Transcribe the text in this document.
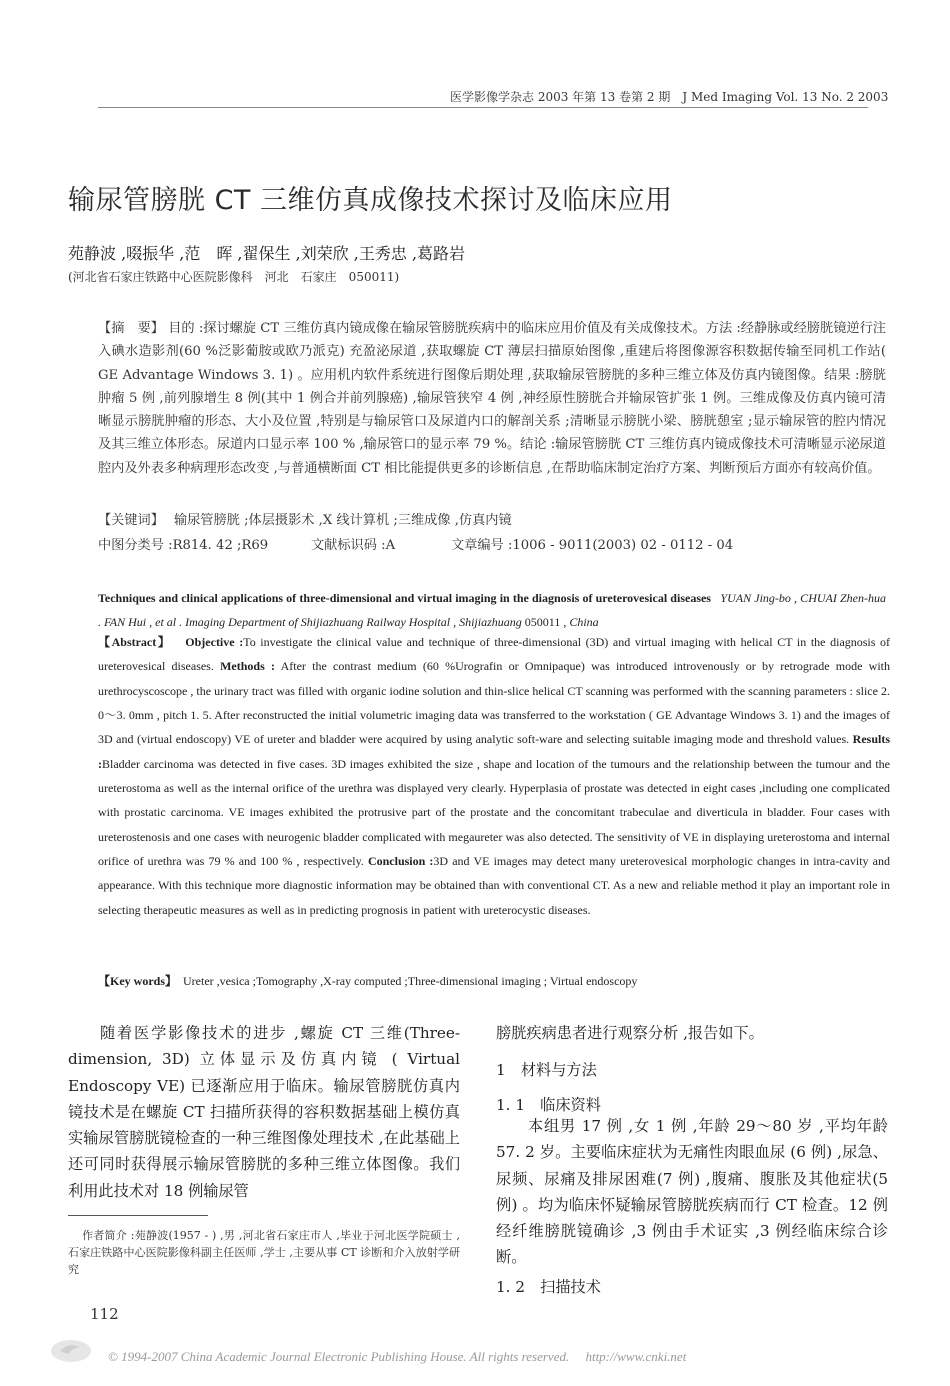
医学影像学杂志 2003 年第 13 卷第 2 期　J Med Imaging Vol. 13 No. 2 2003
输尿管膀胱 CT 三维仿真成像技术探讨及临床应用
苑静波 ,啜振华 ,范　晖 ,翟保生 ,刘荣欣 ,王秀忠 ,葛路岩
(河北省石家庄铁路中心医院影像科　河北　石家庄　050011)
【摘　要】 目的 :探讨螺旋 CT 三维仿真内镜成像在输尿管膀胱疾病中的临床应用价值及有关成像技术。方法 :经静脉或经膀胱镜逆行注入碘水造影剂(60 %泛影葡胺或欧乃派克) 充盈泌尿道 ,获取螺旋 CT 薄层扫描原始图像 ,重建后将图像源容积数据传输至同机工作站( GE Advantage Windows 3. 1) 。应用机内软件系统进行图像后期处理 ,获取输尿管膀胱的多种三维立体及仿真内镜图像。结果 :膀胱肿瘤 5 例 ,前列腺增生 8 例(其中 1 例合并前列腺癌) ,输尿管狭窄 4 例 ,神经原性膀胱合并输尿管扩张 1 例。三维成像及仿真内镜可清晰显示膀胱肿瘤的形态、大小及位置 ,特别是与输尿管口及尿道内口的解剖关系 ;清晰显示膀胱小梁、膀胱憩室 ;显示输尿管的腔内情况及其三维立体形态。尿道内口显示率 100 % ,输尿管口的显示率 79 %。结论 :输尿管膀胱 CT 三维仿真内镜成像技术可清晰显示泌尿道腔内及外表多种病理形态改变 ,与普通横断面 CT 相比能提供更多的诊断信息 ,在帮助临床制定治疗方案、判断预后方面亦有较高价值。
【关键词】 输尿管膀胱 ;体层摄影术 ,X 线计算机 ;三维成像 ,仿真内镜
中图分类号 :R814. 42 ;R69	文献标识码 :A	文章编号 :1006 - 9011(2003) 02 - 0112 - 04
Techniques and clinical applications of three-dimensional and virtual imaging in the diagnosis of ureterovesical diseases YUAN Jing-bo , CHUAI Zhen-hua . FAN Hui , et al . Imaging Department of Shijiazhuang Railway Hospital , Shijiazhuang 050011 , China
【Abstract】 Objective :To investigate the clinical value and technique of three-dimensional (3D) and virtual imaging with helical CT in the diagnosis of ureterovesical diseases. Methods : After the contrast medium (60 %Urografin or Omnipaque) was introduced introvenously or by retrograde mode with urethrocyscoscope , the urinary tract was filled with organic iodine solution and thin-slice helical CT scanning was performed with the scanning parameters : slice 2. 0～3. 0mm , pitch 1. 5. After reconstructed the initial volumetric imaging data was transferred to the workstation ( GE Advantage Windows 3. 1) and the images of 3D and (virtual endoscopy) VE of ureter and bladder were acquired by using analytic soft-ware and selecting suitable imaging mode and threshold values. Results :Bladder carcinoma was detected in five cases. 3D images exhibited the size , shape and location of the tumours and the relationship between the tumour and the ureterostoma as well as the internal orifice of the urethra was displayed very clearly. Hyperplasia of prostate was detected in eight cases ,including one complicated with prostatic carcinoma. VE images exhibited the protrusive part of the prostate and the concomitant trabeculae and diverticula in bladder. Four cases with ureterostenosis and one cases with neurogenic bladder complicated with megaureter was also detected. The sensitivity of VE in displaying ureterostoma and internal orifice of urethra was 79 % and 100 % , respectively. Conclusion :3D and VE images may detect many ureterovesical morphologic changes in intra-cavity and appearance. With this technique more diagnostic information may be obtained than with conventional CT. As a new and reliable method it play an important role in selecting therapeutic measures as well as in predicting prognosis in patient with ureterocystic diseases.
【Key words】 Ureter ,vesica ;Tomography ,X-ray computed ;Three-dimensional imaging ; Virtual endoscopy
随着医学影像技术的进步 ,螺旋 CT 三维(Three-dimension, 3D) 立体显示及仿真内镜 ( Virtual Endoscopy VE) 已逐渐应用于临床。输尿管膀胱仿真内镜技术是在螺旋 CT 扫描所获得的容积数据基础上模仿真实输尿管膀胱镜检查的一种三维图像处理技术 ,在此基础上还可同时获得展示输尿管膀胱的多种三维立体图像。我们利用此技术对 18 例输尿管
作者简介 :苑静波(1957 - ) ,男 ,河北省石家庄市人 ,毕业于河北医学院硕士 ,石家庄铁路中心医院影像科副主任医师 ,学士 ,主要从事 CT 诊断和介入放射学研究
112
膀胱疾病患者进行观察分析 ,报告如下。
1　材料与方法
1. 1　临床资料
本组男 17 例 ,女 1 例 ,年龄 29～80 岁 ,平均年龄 57. 2 岁。主要临床症状为无痛性肉眼血尿 (6 例) ,尿急、尿频、尿痛及排尿困难(7 例) ,腹痛、腹胀及其他症状(5 例) 。均为临床怀疑输尿管膀胱疾病而行 CT 检查。12 例经纤维膀胱镜确诊 ,3 例由手术证实 ,3 例经临床综合诊断。
1. 2　扫描技术
© 1994-2007 China Academic Journal Electronic Publishing House. All rights reserved.　 http://www.cnki.net
